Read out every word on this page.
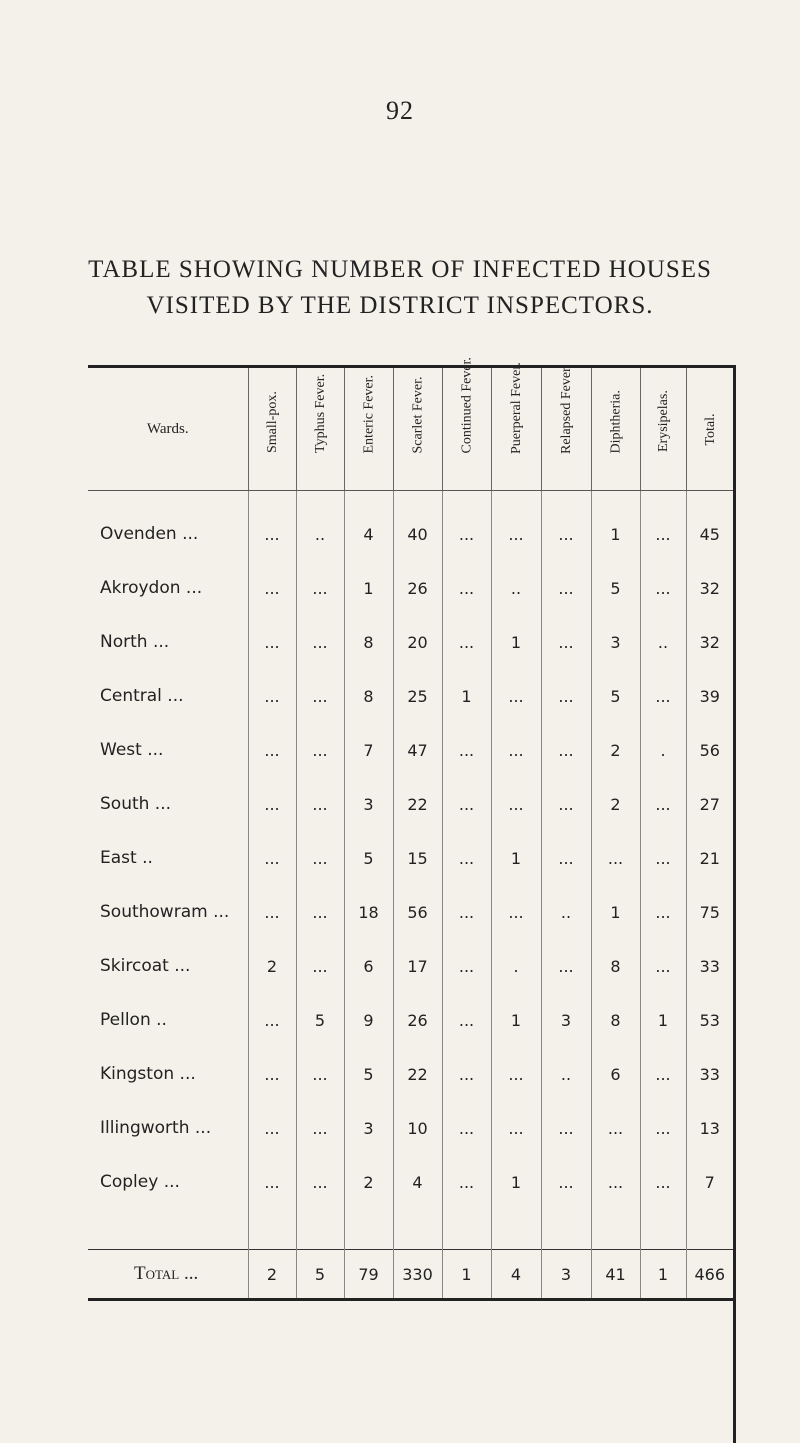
92
TABLE SHOWING NUMBER OF INFECTED HOUSES
VISITED BY THE DISTRICT INSPECTORS.
Wards.	Small-pox.	Typhus Fever.	Enteric Fever.	Scarlet Fever.	Continued Fever.	Puerperal Fever.	Relapsed Fever.	Diphtheria.	Erysipelas.	Total.

Ovenden ...	...	..	4	40	...	...	...	1	...	45
Akroydon ...	...	...	1	26	...	..	...	5	...	32
North ...	...	...	8	20	...	1	...	3	..	32
Central ...	...	...	8	25	1	...	...	5	...	39
West ...	...	...	7	47	...	...	...	2	.	56
South ...	...	...	3	22	...	...	...	2	...	27
East ..	...	...	5	15	...	1	...	...	...	21
Southowram ...	...	...	18	56	...	...	..	1	...	75
Skircoat ...	2	...	6	17	...	.	...	8	...	33
Pellon ..	...	5	9	26	...	1	3	8	1	53
Kingston ...	...	...	5	22	...	...	..	6	...	33
Illingworth ...	...	...	3	10	...	...	...	...	...	13
Copley ...	...	...	2	4	...	1	...	...	...	7

Total ...	2	5	79	330	1	4	3	41	1	466
